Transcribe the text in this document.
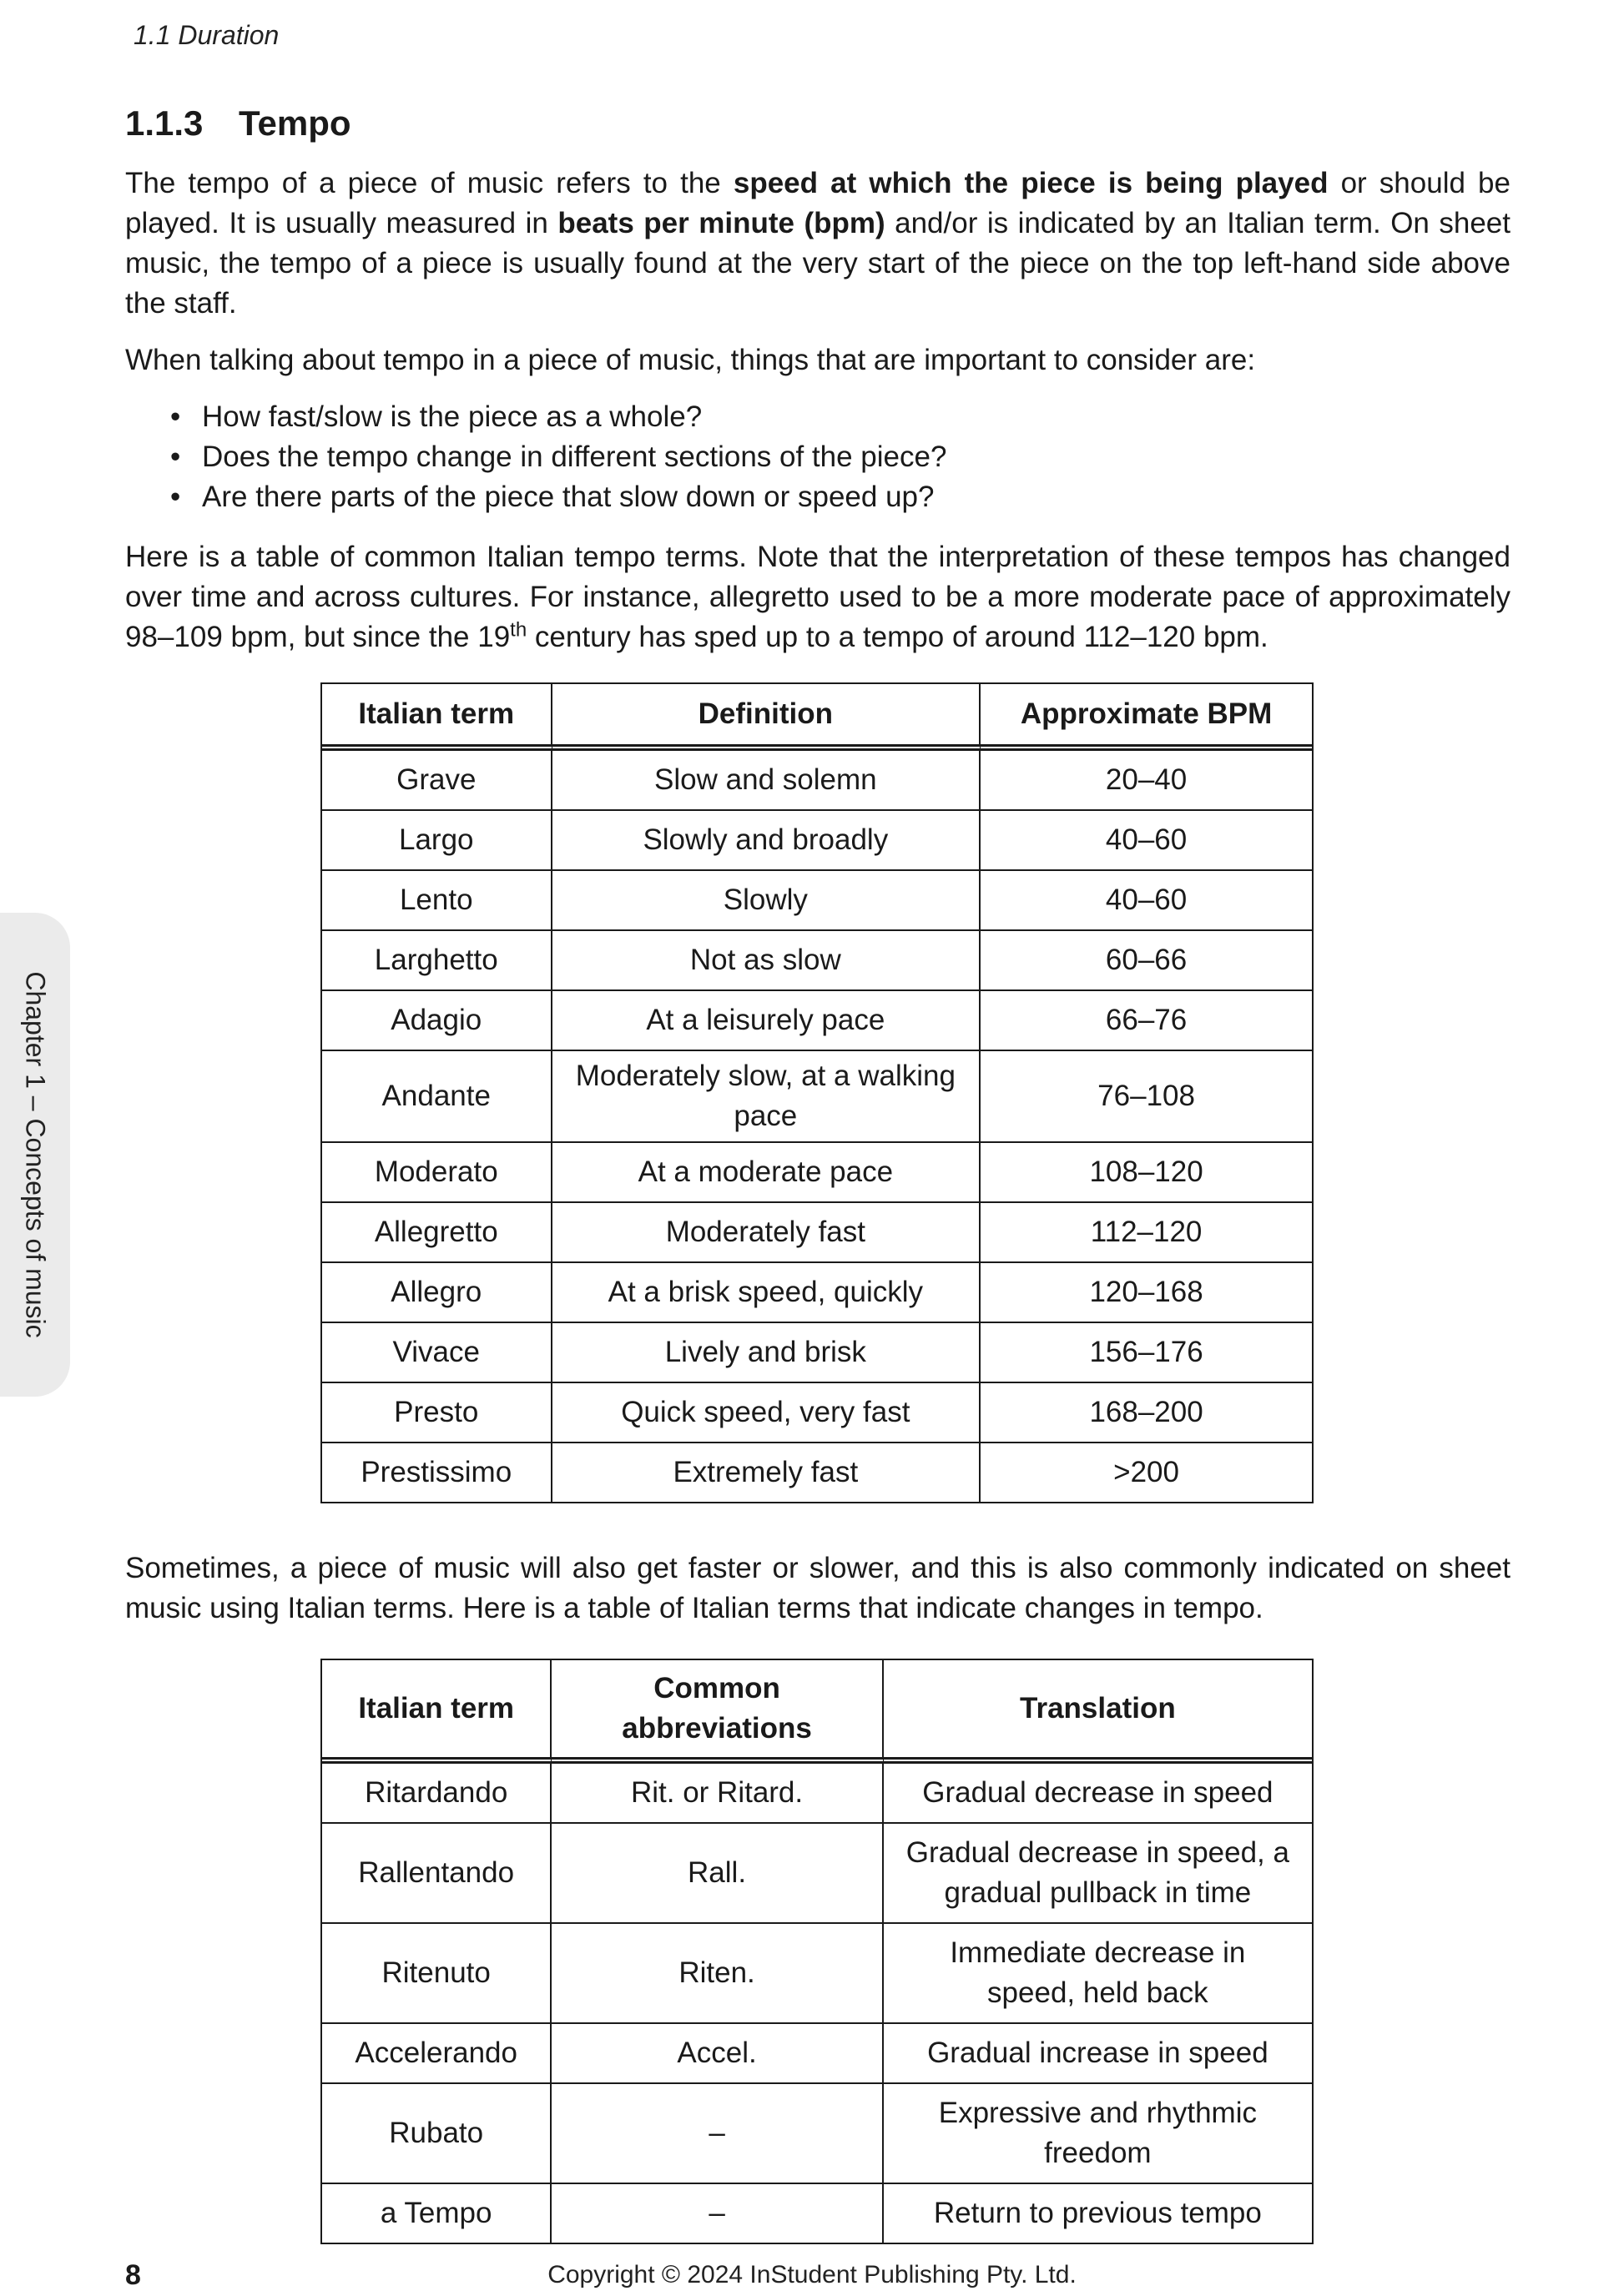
1.1 Duration
Chapter 1 – Concepts of music
1.1.3 Tempo

The tempo of a piece of music refers to the speed at which the piece is being played or should be played. It is usually measured in beats per minute (bpm) and/or is indicated by an Italian term. On sheet music, the tempo of a piece is usually found at the very start of the piece on the top left-hand side above the staff.

When talking about tempo in a piece of music, things that are important to consider are:

• How fast/slow is the piece as a whole?
• Does the tempo change in different sections of the piece?
• Are there parts of the piece that slow down or speed up?

Here is a table of common Italian tempo terms. Note that the interpretation of these tempos has changed over time and across cultures. For instance, allegretto used to be a more moderate pace of approximately 98–109 bpm, but since the 19th century has sped up to a tempo of around 112–120 bpm.

Italian term	Definition	Approximate BPM
Grave	Slow and solemn	20–40
Largo	Slowly and broadly	40–60
Lento	Slowly	40–60
Larghetto	Not as slow	60–66
Adagio	At a leisurely pace	66–76
Andante	Moderately slow, at a walking pace	76–108
Moderato	At a moderate pace	108–120
Allegretto	Moderately fast	112–120
Allegro	At a brisk speed, quickly	120–168
Vivace	Lively and brisk	156–176
Presto	Quick speed, very fast	168–200
Prestissimo	Extremely fast	>200

Sometimes, a piece of music will also get faster or slower, and this is also commonly indicated on sheet music using Italian terms. Here is a table of Italian terms that indicate changes in tempo.

Italian term	Common abbreviations	Translation
Ritardando	Rit. or Ritard.	Gradual decrease in speed
Rallentando	Rall.	Gradual decrease in speed, a gradual pullback in time
Ritenuto	Riten.	Immediate decrease in speed, held back
Accelerando	Accel.	Gradual increase in speed
Rubato	–	Expressive and rhythmic freedom
a Tempo	–	Return to previous tempo
8	Copyright © 2024 InStudent Publishing Pty. Ltd.
